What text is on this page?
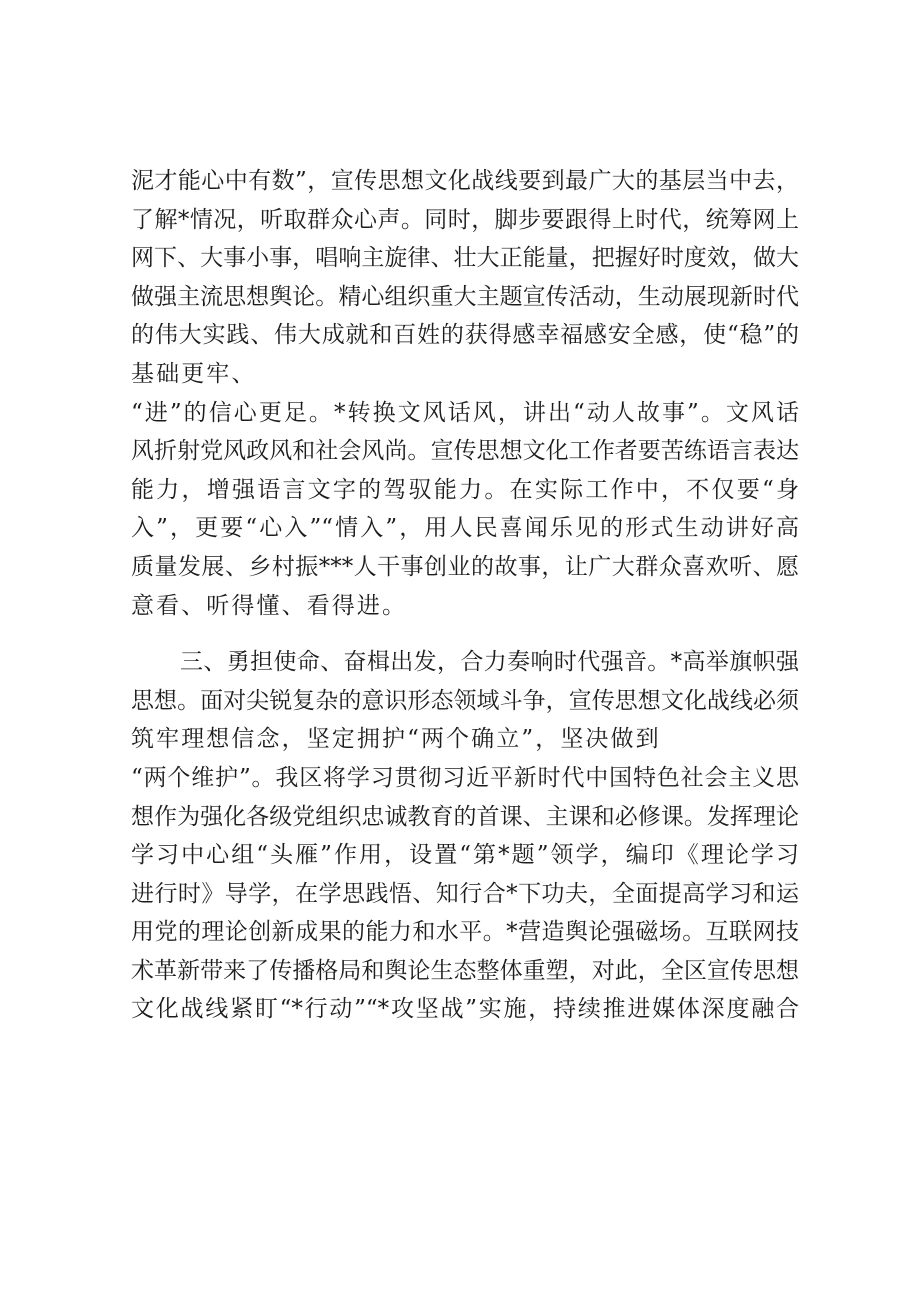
泥才能心中有数”，宣传思想文化战线要到最广大的基层当中去，
了解*情况，听取群众心声。同时，脚步要跟得上时代，统筹网上
网下、大事小事，唱响主旋律、壮大正能量，把握好时度效，做大
做强主流思想舆论。精心组织重大主题宣传活动，生动展现新时代
的伟大实践、伟大成就和百姓的获得感幸福感安全感，使“稳”的
基础更牢、
“进”的信心更足。*转换文风话风，讲出“动人故事”。文风话
风折射党风政风和社会风尚。宣传思想文化工作者要苦练语言表达
能力，增强语言文字的驾驭能力。在实际工作中，不仅要“身
入”，更要“心入”“情入”，用人民喜闻乐见的形式生动讲好高
质量发展、乡村振***人干事创业的故事，让广大群众喜欢听、愿
意看、听得懂、看得进。
三、勇担使命、奋楫出发，合力奏响时代强音。*高举旗帜强
思想。面对尖锐复杂的意识形态领域斗争，宣传思想文化战线必须
筑牢理想信念，坚定拥护“两个确立”，坚决做到
“两个维护”。我区将学习贯彻习近平新时代中国特色社会主义思
想作为强化各级党组织忠诚教育的首课、主课和必修课。发挥理论
学习中心组“头雁”作用，设置“第*题”领学，编印《理论学习
进行时》导学，在学思践悟、知行合*下功夫，全面提高学习和运
用党的理论创新成果的能力和水平。*营造舆论强磁场。互联网技
术革新带来了传播格局和舆论生态整体重塑，对此，全区宣传思想
文化战线紧盯“*行动”“*攻坚战”实施，持续推进媒体深度融合
